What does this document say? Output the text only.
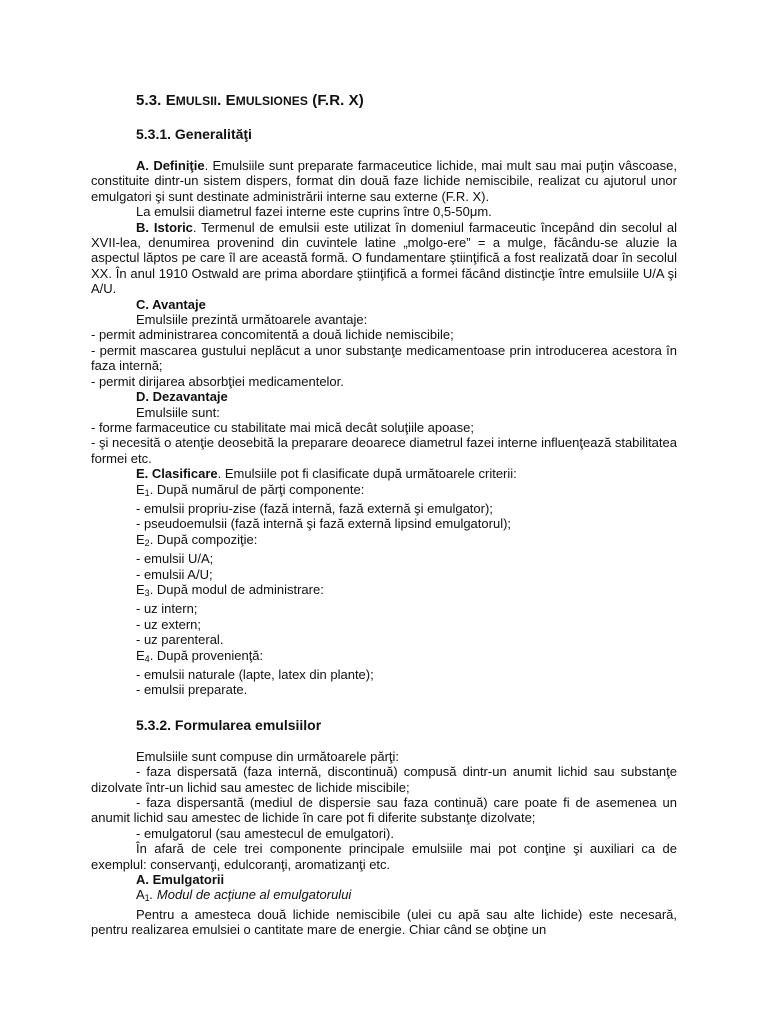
5.3. EMULSII. EMULSIONES (F.R. X)
5.3.1. Generalităţi

A. Definiţie. Emulsiile sunt preparate farmaceutice lichide, mai mult sau mai puţin vâscoase, constituite dintr-un sistem dispers, format din două faze lichide nemiscibile, realizat cu ajutorul unor emulgatori şi sunt destinate administrării interne sau externe (F.R. X).

La emulsii diametrul fazei interne este cuprins între 0,5-50μm.

B. Istoric. Termenul de emulsii este utilizat în domeniul farmaceutic începând din secolul al XVII-lea, denumirea provenind din cuvintele latine „molgo-ere” = a mulge, făcându-se aluzie la aspectul lăptos pe care îl are această formă. O fundamentare ştiinţifică a fost realizată doar în secolul XX. În anul 1910 Ostwald are prima abordare ştiinţifică a formei făcând distincţie între emulsiile U/A şi A/U.

C. Avantaje

Emulsiile prezintă următoarele avantaje:

- permit administrarea concomitentă a două lichide nemiscibile;

- permit mascarea gustului neplăcut a unor substanţe medicamentoase prin introducerea acestora în faza internă;

- permit dirijarea absorbţiei medicamentelor.

D. Dezavantaje

Emulsiile sunt:

- forme farmaceutice cu stabilitate mai mică decât soluţiile apoase;

- şi necesită o atenţie deosebită la preparare deoarece diametrul fazei interne influenţează stabilitatea formei etc.

E. Clasificare. Emulsiile pot fi clasificate după următoarele criterii:

$E_1$. După numărul de părţi componente:

- emulsii propriu-zise (fază internă, fază externă şi emulgator);

- pseudoemulsii (fază internă şi fază externă lipsind emulgatorul);

$E_2$. După compoziţie:

- emulsii U/A;

- emulsii A/U;

$E_3$. După modul de administrare:

- uz intern;

- uz extern;

- uz parenteral.

$E_4$. După provenienţă:

- emulsii naturale (lapte, latex din plante);

- emulsii preparate.

5.3.2. Formularea emulsiilor

Emulsiile sunt compuse din următoarele părţi:

- faza dispersată (faza internă, discontinuă) compusă dintr-un anumit lichid sau substanţe dizolvate într-un lichid sau amestec de lichide miscibile;

- faza dispersantă (mediul de dispersie sau faza continuă) care poate fi de asemenea un anumit lichid sau amestec de lichide în care pot fi diferite substanţe dizolvate;

- emulgatorul (sau amestecul de emulgatori).

În afară de cele trei componente principale emulsiile mai pot conţine şi auxiliari ca de exemplul: conservanţi, edulcoranţi, aromatizanţi etc.

A. Emulgatorii

$A_1$. Modul de acţiune al emulgatorului

Pentru a amesteca două lichide nemiscibile (ulei cu apă sau alte lichide) este necesară, pentru realizarea emulsiei o cantitate mare de energie. Chiar când se obţine un
